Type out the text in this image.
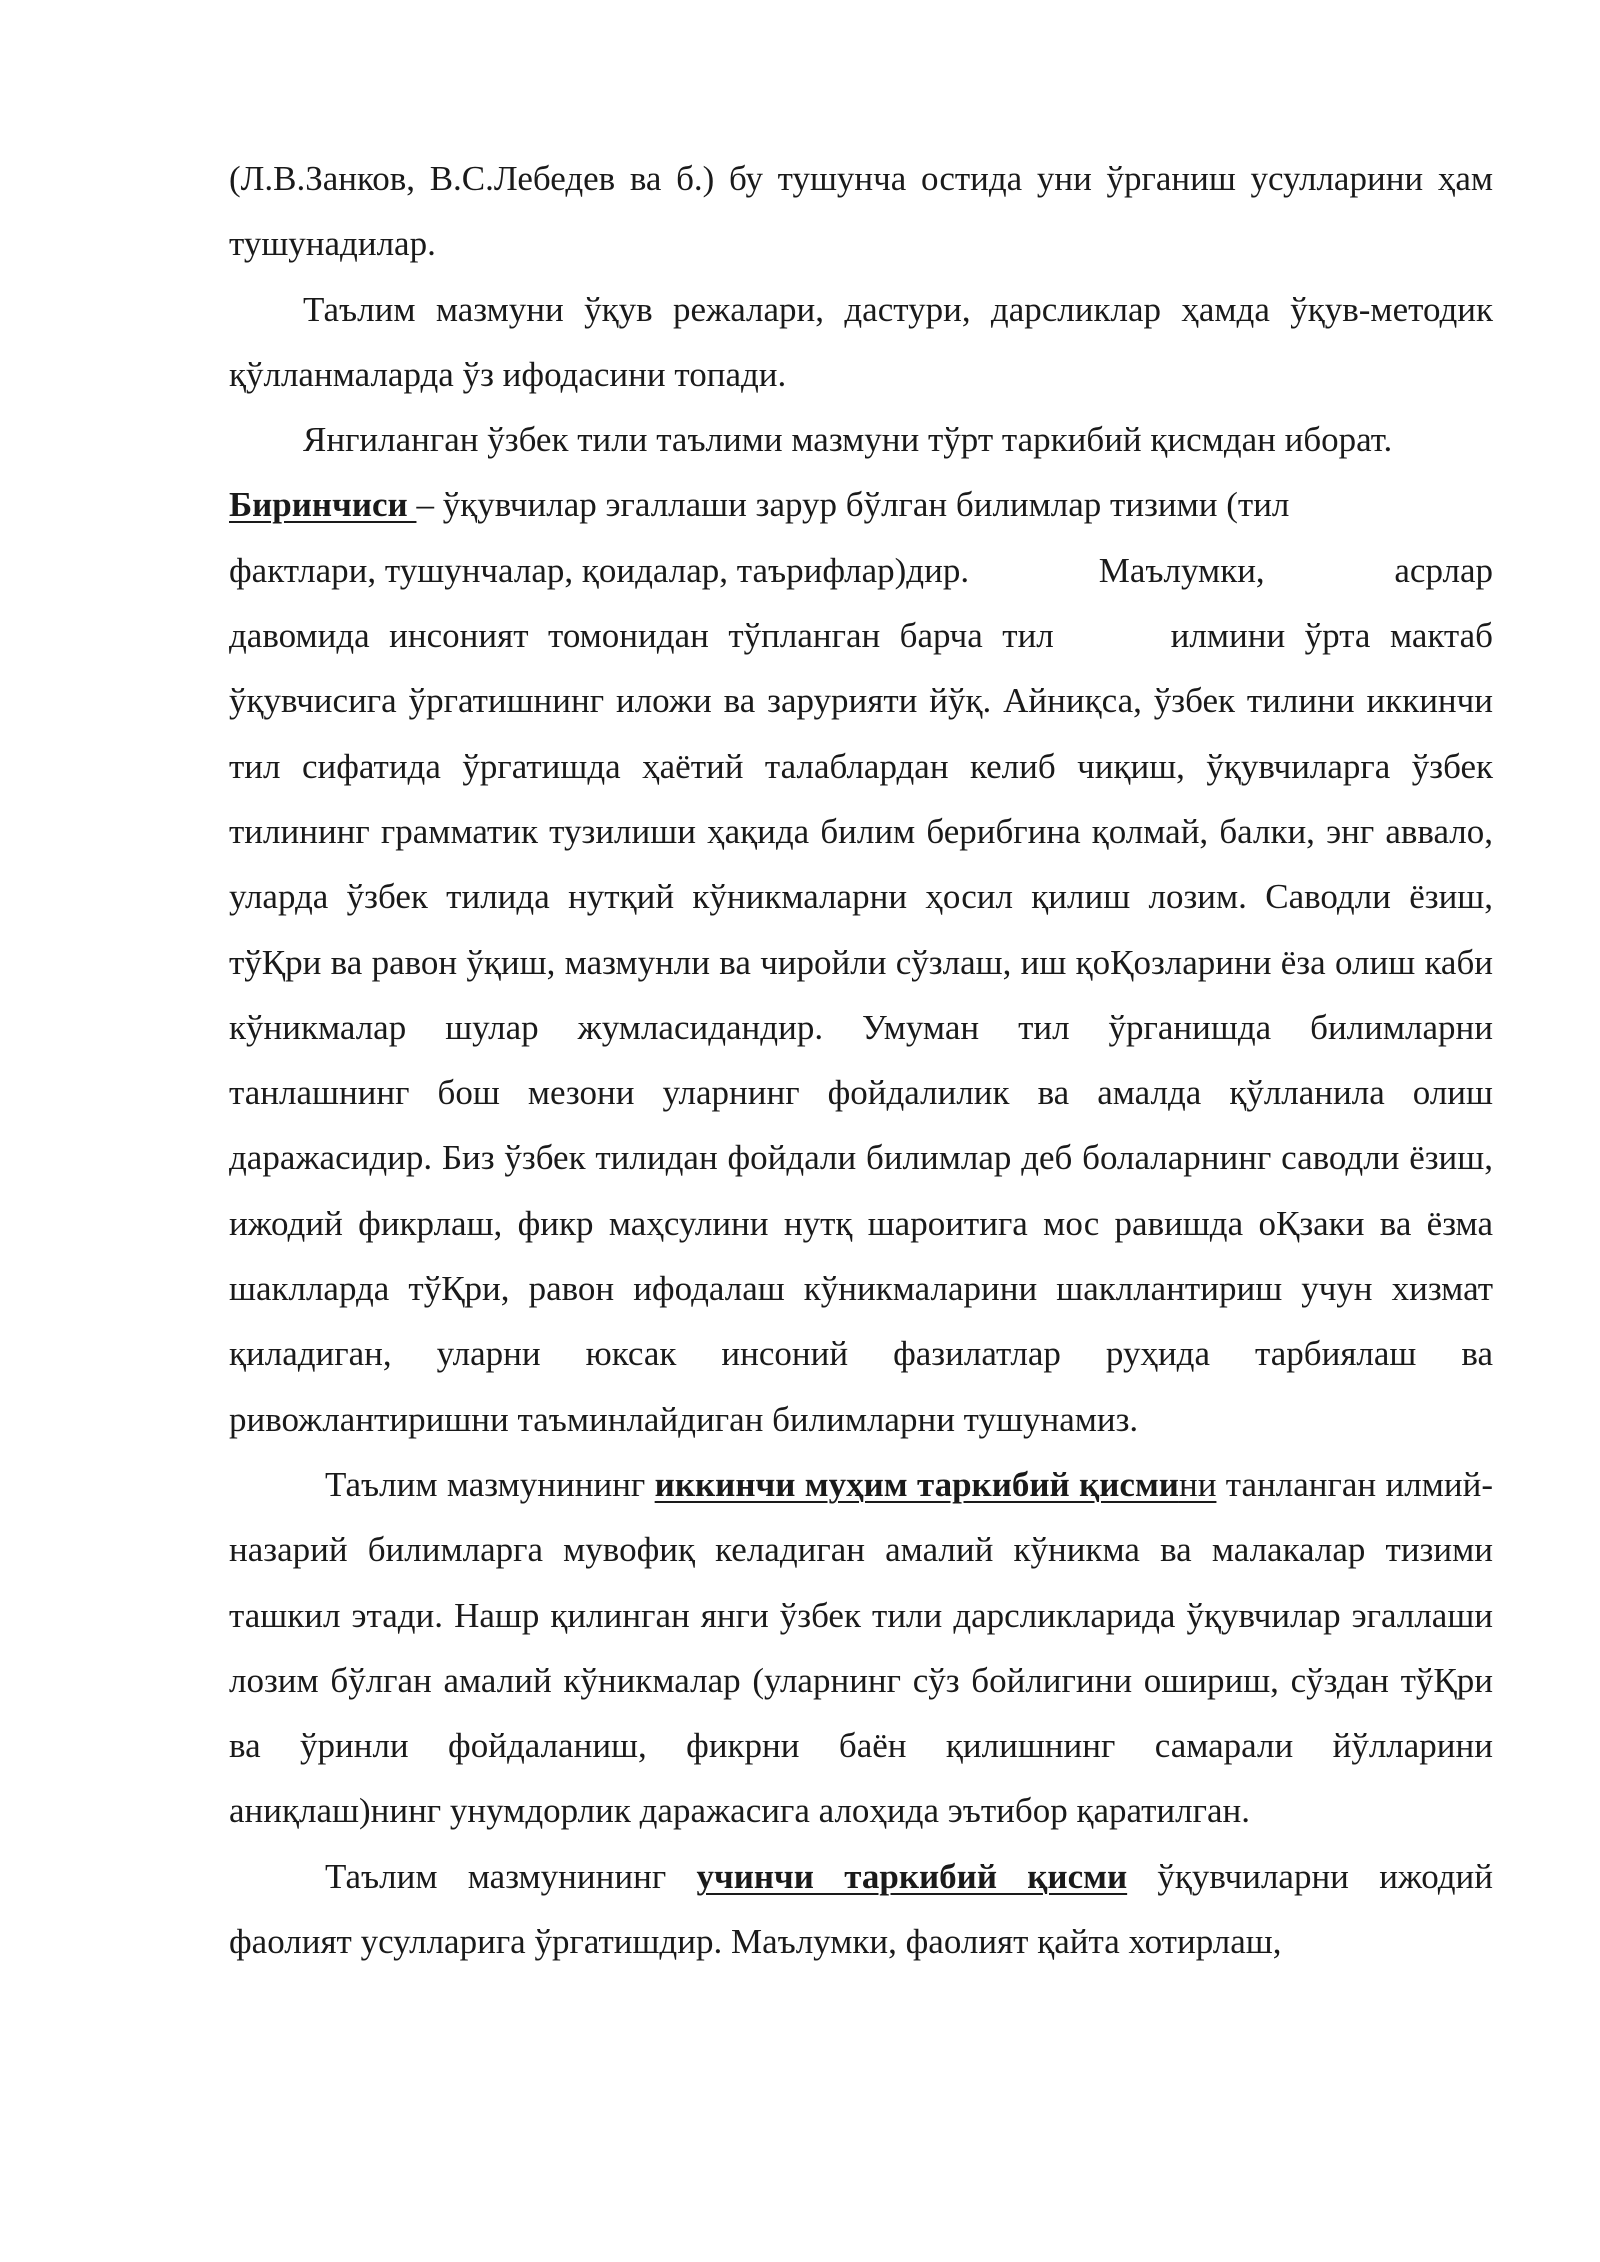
(Л.В.Занков, В.С.Лебедев ва б.) бу тушунча остида уни ўрганиш усулларини ҳам тушунадилар.

Таълим мазмуни ўқув режалари, дастури, дарсликлар ҳамда ўқув-методик қўлланмаларда ўз ифодасини топади.

Янгиланган ўзбек тили таълими мазмуни тўрт таркибий қисмдан иборат.

Биринчиси – ўқувчилар эгаллаши зарур бўлган билимлар тизими (тил

фактлари, тушунчалар, қоидалар, таърифлар)дир.	Маълумки,	асрлар

давомида инсоният томонидан тўпланган барча тил      илмини ўрта мактаб ўқувчисига ўргатишнинг иложи ва зарурияти йўқ. Айниқса, ўзбек тилини иккинчи тил сифатида ўргатишда ҳаётий талаблардан келиб чиқиш, ўқувчиларга ўзбек тилининг грамматик тузилиши ҳақида билим берибгина қолмай, балки, энг аввало, уларда ўзбек тилида нутқий кўникмаларни ҳосил қилиш лозим. Саводли ёзиш, тўҚри ва равон ўқиш, мазмунли ва чиройли сўзлаш, иш қоҚозларини ёза олиш каби кўникмалар шулар жумласидандир. Умуман тил ўрганишда билимларни танлашнинг бош мезони уларнинг фойдалилик ва амалда қўлланила олиш даражасидир. Биз ўзбек тилидан фойдали билимлар деб болаларнинг саводли ёзиш, ижодий фикрлаш, фикр маҳсулини нутқ шароитига мос равишда оҚзаки ва ёзма шаклларда тўҚри, равон ифодалаш кўникмаларини шакллантириш учун хизмат қиладиган, уларни юксак инсоний фазилатлар руҳида тарбиялаш ва ривожлантиришни таъминлайдиган билимларни тушунамиз.

Таълим мазмунининг иккинчи муҳим таркибий қисмини танланган илмий-назарий билимларга мувофиқ келадиган амалий кўникма ва малакалар тизими ташкил этади. Нашр қилинган янги ўзбек тили дарсликларида ўқувчилар эгаллаши лозим бўлган амалий кўникмалар (уларнинг сўз бойлигини ошириш, сўздан тўҚри ва ўринли фойдаланиш, фикрни баён қилишнинг самарали йўлларини аниқлаш)нинг унумдорлик даражасига алоҳида эътибор қаратилган.

Таълим мазмунининг учинчи таркибий қисми ўқувчиларни ижодий фаолият усулларига ўргатишдир. Маълумки, фаолият қайта хотирлаш,
